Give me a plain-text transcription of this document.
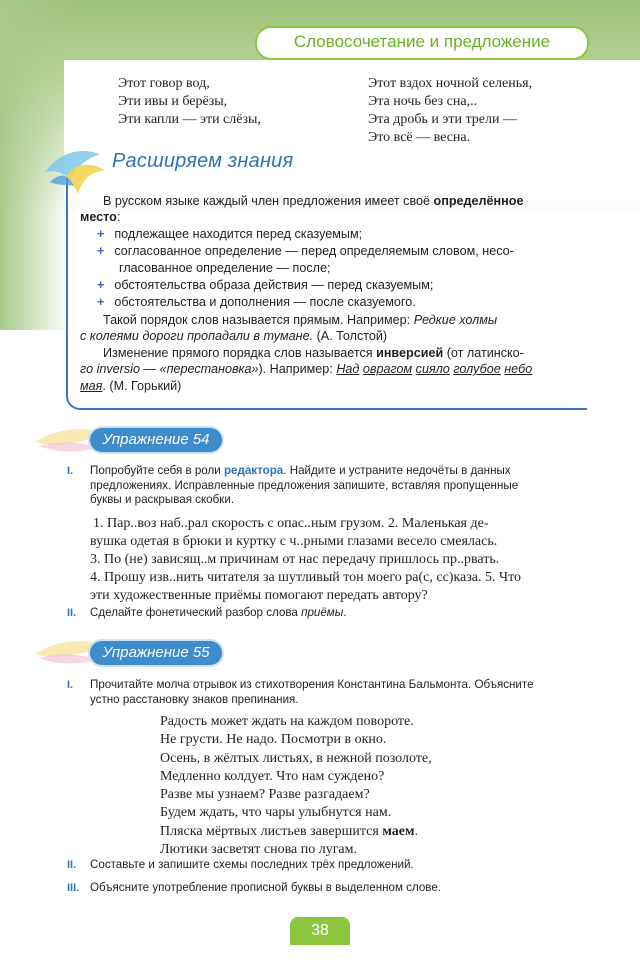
Словосочетание и предложение
Этот говор вод,
Эти ивы и берёзы,
Эти капли — эти слёзы,
Этот вздох ночной селенья,
Эта ночь без сна,..
Эта дробь и эти трели —
Это всё — весна.
Расширяем знания
В русском языке каждый член предложения имеет своё определённое
место:
+ подлежащее находится перед сказуемым;
+ согласованное определение — перед определяемым словом, несо-
гласованное определение — после;
+ обстоятельства образа действия — перед сказуемым;
+ обстоятельства и дополнения — после сказуемого.
Такой порядок слов называется прямым. Например: Редкие холмы
с колеями дороги пропадали в тумане. (А. Толстой)
Изменение прямого порядка слов называется инверсией (от латинско-
го inversio — «перестановка»). Например: Над оврагом сияло голубое небо
мая. (М. Горький)
Упражнение 54
I. Попробуйте себя в роли редактора. Найдите и устраните недочёты в данных
предложениях. Исправленные предложения запишите, вставляя пропущенные
буквы и раскрывая скобки.
1. Пар..воз наб..рал скорость с опас..ным грузом. 2. Маленькая де-
вушка одетая в брюки и куртку с ч..рными глазами весело смеялась.
3. По (не) зависящ..м причинам от нас передачу пришлось пр..рвать.
4. Прошу изв..нить читателя за шутливый тон моего ра(с, сс)каза. 5. Что
эти художественные приёмы помогают передать автору?
II. Сделайте фонетический разбор слова приёмы.
Упражнение 55
I. Прочитайте молча отрывок из стихотворения Константина Бальмонта. Объясните
устно расстановку знаков препинания.
Радость может ждать на каждом повороте.
Не грусти. Не надо. Посмотри в окно.
Осень, в жёлтых листьях, в нежной позолоте,
Медленно колдует. Что нам суждено?
Разве мы узнаем? Разве разгадаем?
Будем ждать, что чары улыбнутся нам.
Пляска мёртвых листьев завершится маем.
Лютики засветят снова по лугам.
II. Составьте и запишите схемы последних трёх предложений.
III. Объясните употребление прописной буквы в выделенном слове.
38
